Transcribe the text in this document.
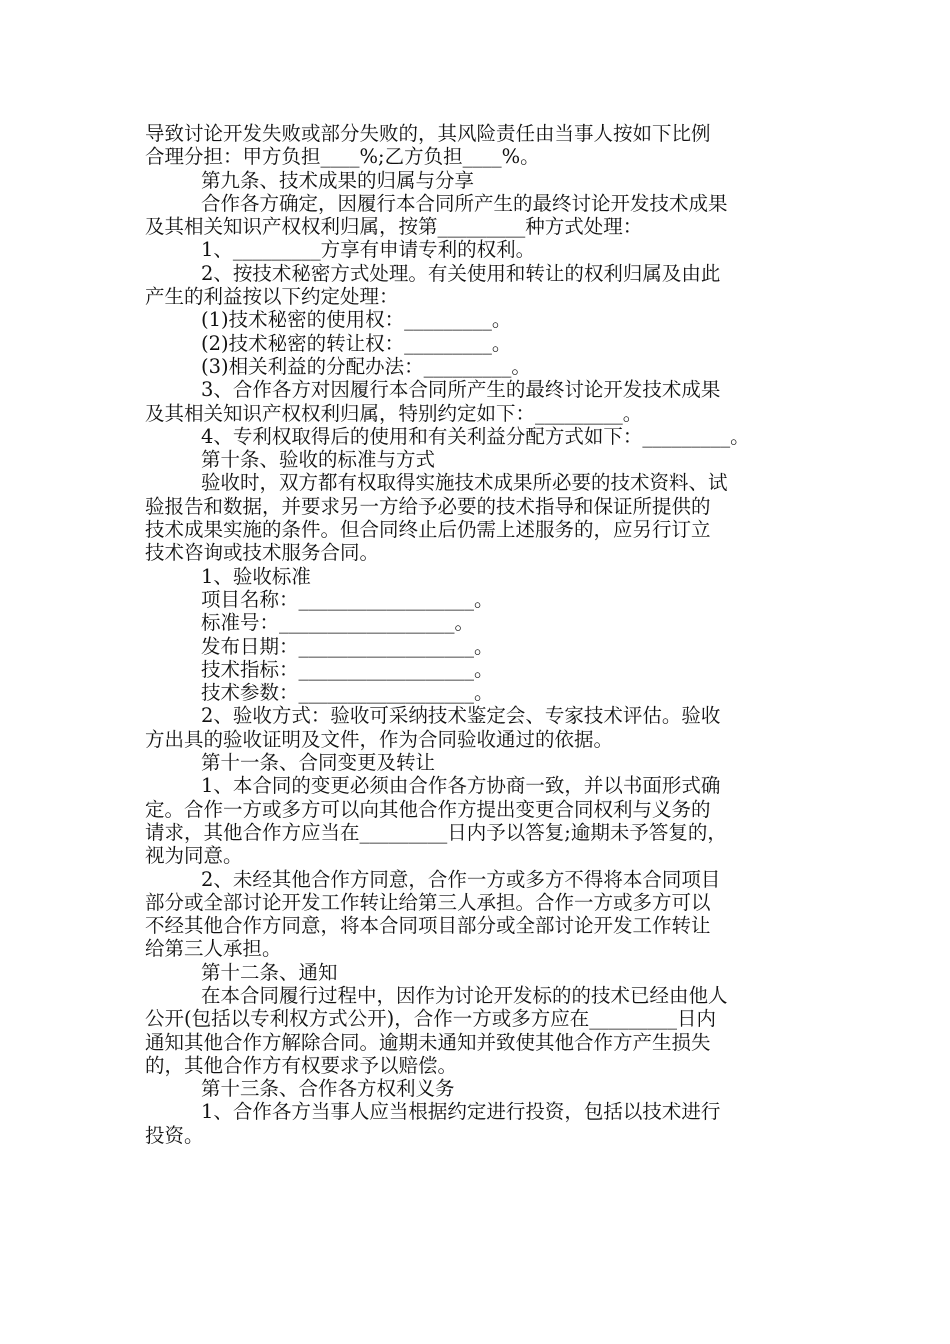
导致讨论开发失败或部分失败的，其风险责任由当事人按如下比例
合理分担：甲方负担____%;乙方负担____%。
第九条、技术成果的归属与分享
合作各方确定，因履行本合同所产生的最终讨论开发技术成果
及其相关知识产权权利归属，按第_________种方式处理：
1、_________方享有申请专利的权利。
2、按技术秘密方式处理。有关使用和转让的权利归属及由此
产生的利益按以下约定处理：
(1)技术秘密的使用权：_________。
(2)技术秘密的转让权：_________。
(3)相关利益的分配办法：_________。
3、合作各方对因履行本合同所产生的最终讨论开发技术成果
及其相关知识产权权利归属，特别约定如下：_________。
4、专利权取得后的使用和有关利益分配方式如下：_________。
第十条、验收的标准与方式
验收时，双方都有权取得实施技术成果所必要的技术资料、试
验报告和数据，并要求另一方给予必要的技术指导和保证所提供的
技术成果实施的条件。但合同终止后仍需上述服务的，应另行订立
技术咨询或技术服务合同。
1、验收标准
项目名称：__________________。
标准号：__________________。
发布日期：__________________。
技术指标：__________________。
技术参数：__________________。
2、验收方式：验收可采纳技术鉴定会、专家技术评估。验收
方出具的验收证明及文件，作为合同验收通过的依据。
第十一条、合同变更及转让
1、本合同的变更必须由合作各方协商一致，并以书面形式确
定。合作一方或多方可以向其他合作方提出变更合同权利与义务的
请求，其他合作方应当在_________日内予以答复;逾期未予答复的，
视为同意。
2、未经其他合作方同意，合作一方或多方不得将本合同项目
部分或全部讨论开发工作转让给第三人承担。合作一方或多方可以
不经其他合作方同意，将本合同项目部分或全部讨论开发工作转让
给第三人承担。
第十二条、通知
在本合同履行过程中，因作为讨论开发标的的技术已经由他人
公开(包括以专利权方式公开)，合作一方或多方应在_________日内
通知其他合作方解除合同。逾期未通知并致使其他合作方产生损失
的，其他合作方有权要求予以赔偿。
第十三条、合作各方权利义务
1、合作各方当事人应当根据约定进行投资，包括以技术进行
投资。
